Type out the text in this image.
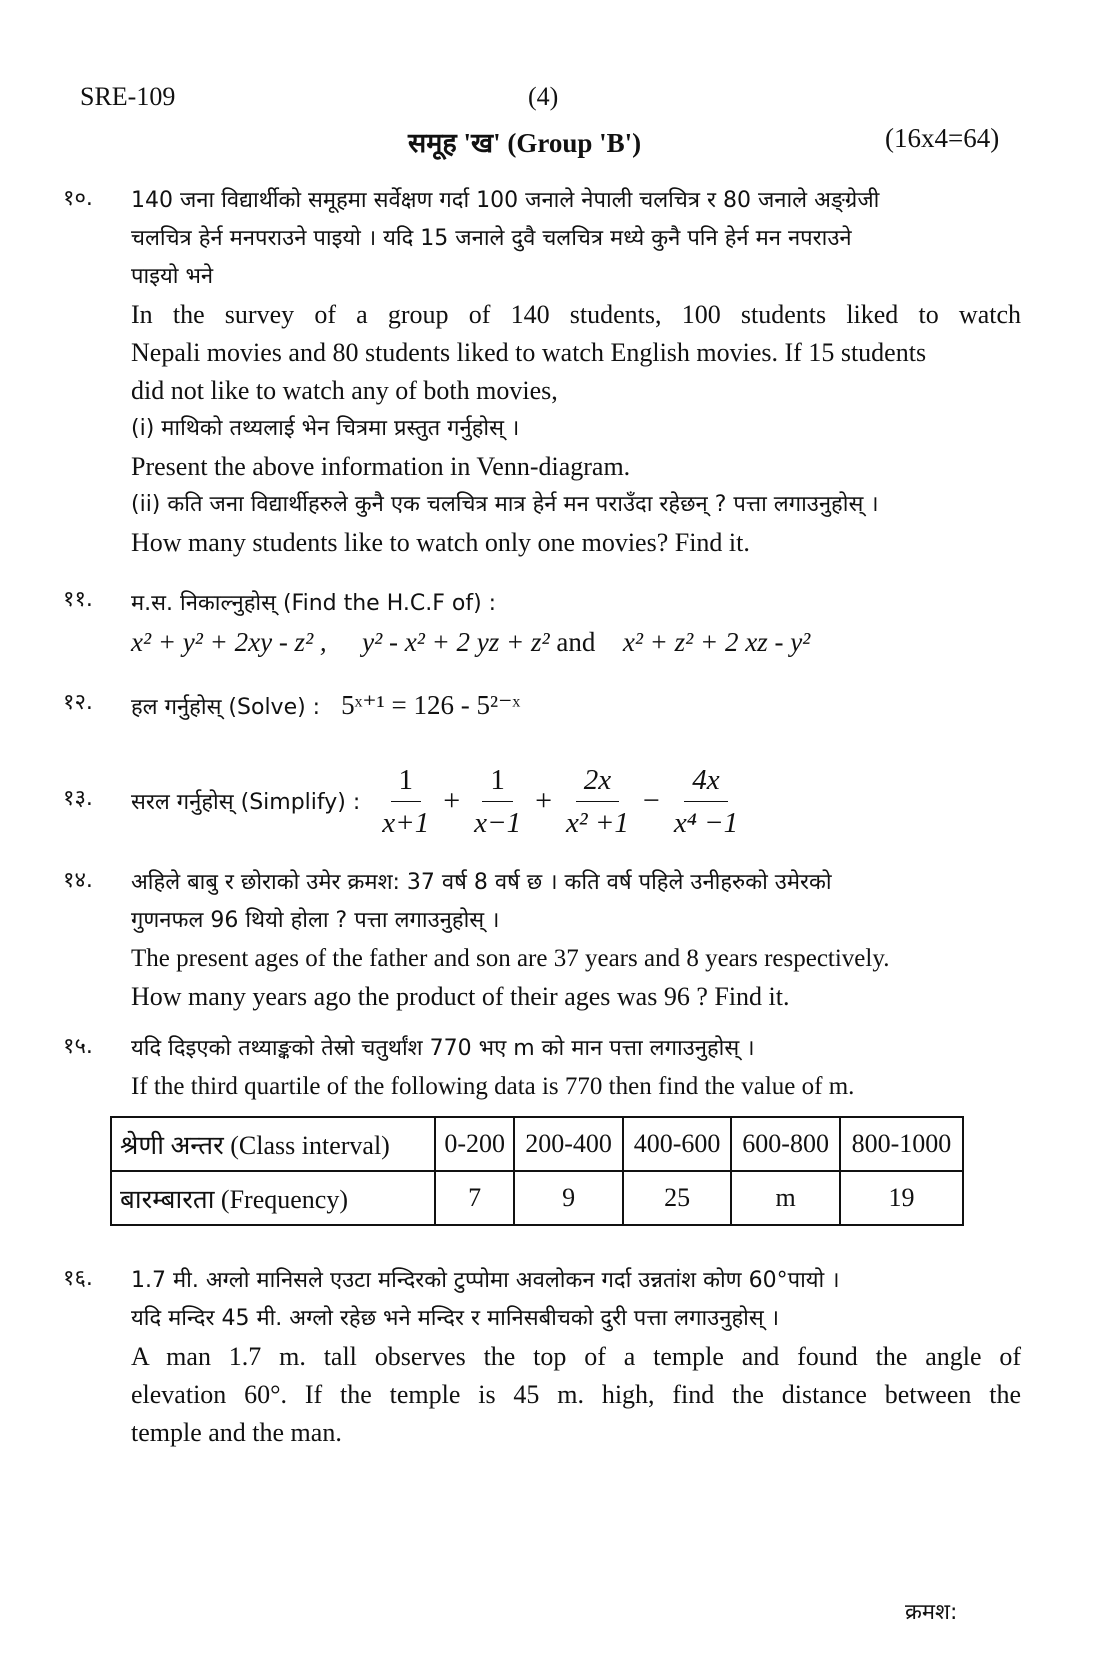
SRE-109	(4)
समूह 'ख' (Group 'B')	(16x4=64)
१०.	140 जना विद्यार्थीको समूहमा सर्वेक्षण गर्दा 100 जनाले नेपाली चलचित्र र 80 जनाले अङ्ग्रेजी
चलचित्र हेर्न मनपराउने पाइयो । यदि 15 जनाले दुवै चलचित्र मध्ये कुनै पनि हेर्न मन नपराउने
पाइयो भने
In the survey of a group of 140 students, 100 students liked to watch
Nepali movies and 80 students liked to watch English movies. If 15 students
did not like to watch any of both movies,
(i) माथिको तथ्यलाई भेन चित्रमा प्रस्तुत गर्नुहोस् ।
Present the above information in Venn-diagram.
(ii) कति जना विद्यार्थीहरुले कुनै एक चलचित्र मात्र हेर्न मन पराउँदा रहेछन् ? पत्ता लगाउनुहोस् ।
How many students like to watch only one movies? Find it.
११.	म.स. निकाल्नुहोस् (Find the H.C.F of) :
x² + y² + 2xy - z² , y² - x² + 2 yz + z² and x² + z² + 2 xz - y²
१२.	हल गर्नुहोस् (Solve) : 5ˣ⁺¹ = 126 - 5²⁻ˣ
१३.	सरल गर्नुहोस् (Simplify) : $\frac{1}{x+1} + \frac{1}{x-1} + \frac{2x}{\text{x² +1}} - \frac{4x}{\text{x⁴ −1}}$
१४.	अहिले बाबु र छोराको उमेर क्रमश: 37 वर्ष 8 वर्ष छ । कति वर्ष पहिले उनीहरुको उमेरको
गुणनफल 96 थियो होला ? पत्ता लगाउनुहोस् ।
The present ages of the father and son are 37 years and 8 years respectively.
How many years ago the product of their ages was 96 ? Find it.
१५.	यदि दिइएको तथ्याङ्कको तेस्रो चतुर्थांश 770 भए m को मान पत्ता लगाउनुहोस् ।
If the third quartile of the following data is 770 then find the value of m.
श्रेणी अन्तर (Class interval)	0-200	200-400	400-600	600-800	800-1000
बारम्बारता (Frequency)	7	9	25	m	19
१६.	1.7 मी. अग्लो मानिसले एउटा मन्दिरको टुप्पोमा अवलोकन गर्दा उन्नतांश कोण 60°पायो ।
यदि मन्दिर 45 मी. अग्लो रहेछ भने मन्दिर र मानिसबीचको दुरी पत्ता लगाउनुहोस् ।
A man 1.7 m. tall observes the top of a temple and found the angle of
elevation 60°. If the temple is 45 m. high, find the distance between the
temple and the man.
क्रमश:
